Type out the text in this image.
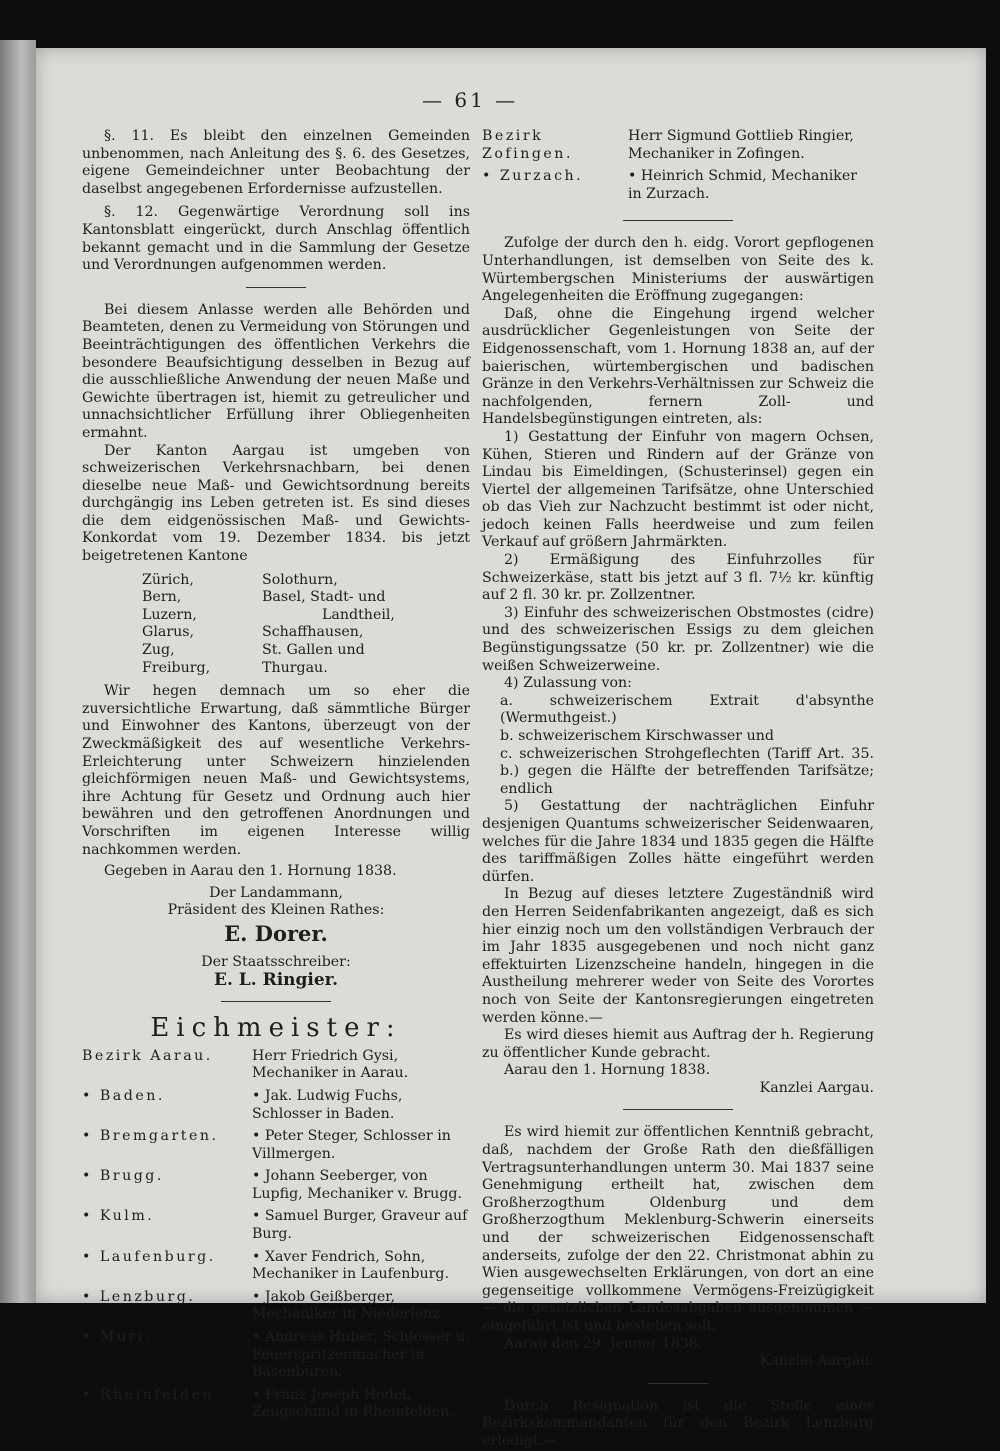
— 61 —

§. 11. Es bleibt den einzelnen Gemeinden unbenommen, nach Anleitung des §. 6. des Gesetzes, eigene Gemeindeichner unter Beobachtung der daselbst angegebenen Erfordernisse aufzustellen.

§. 12. Gegenwärtige Verordnung soll ins Kantonsblatt eingerückt, durch Anschlag öffentlich bekannt gemacht und in die Sammlung der Gesetze und Verordnungen aufgenommen werden.

Bei diesem Anlasse werden alle Behörden und Beamteten, denen zu Vermeidung von Störungen und Beeinträchtigungen des öffentlichen Verkehrs die besondere Beaufsichtigung desselben in Bezug auf die ausschließliche Anwendung der neuen Maße und Gewichte übertragen ist, hiemit zu getreulicher und unnachsichtlicher Erfüllung ihrer Obliegenheiten ermahnt.

Der Kanton Aargau ist umgeben von schweizerischen Verkehrsnachbarn, bei denen dieselbe neue Maß- und Gewichtsordnung bereits durchgängig ins Leben getreten ist. Es sind dieses die dem eidgenössischen Maß- und Gewichts-Konkordat vom 19. Dezember 1834. bis jetzt beigetretenen Kantone

Zürich,	Solothurn,
Bern,	Basel, Stadt- und
Luzern,	Landtheil,
Glarus,	Schaffhausen,
Zug,	St. Gallen und
Freiburg,	Thurgau.

Wir hegen demnach um so eher die zuversichtliche Erwartung, daß sämmtliche Bürger und Einwohner des Kantons, überzeugt von der Zweckmäßigkeit des auf wesentliche Verkehrs-Erleichterung unter Schweizern hinzielenden gleichförmigen neuen Maß- und Gewichtsystems, ihre Achtung für Gesetz und Ordnung auch hier bewähren und den getroffenen Anordnungen und Vorschriften im eigenen Interesse willig nachkommen werden.

Gegeben in Aarau den 1. Hornung 1838.

Der Landammann,

Präsident des Kleinen Rathes:

E. Dorer.

Der Staatsschreiber:

E. L. Ringier.

Eichmeister:
Bezirk Aarau.	Herr Friedrich Gysi, Mechaniker in Aarau.
• Baden.	• Jak. Ludwig Fuchs, Schlosser in Baden.
• Bremgarten.	• Peter Steger, Schlosser in Villmergen.
• Brugg.	• Johann Seeberger, von Lupfig, Mechaniker v. Brugg.
• Kulm.	• Samuel Burger, Graveur auf Burg.
• Laufenburg.	• Xaver Fendrich, Sohn, Mechaniker in Laufenburg.
• Lenzburg.	• Jakob Geißberger, Mechaniker in Niederlenz.
• Muri.	• Andreas Huber, Schlosser u. Feuerspritzenmacher in Bäsenbüren.
• Rheinfelden.	• Franz Joseph Hodel, Zeugschmid in Rheinfelden.
Bezirk Zofingen.	Herr Sigmund Gottlieb Ringier, Mechaniker in Zofingen.
• Zurzach.	• Heinrich Schmid, Mechaniker in Zurzach.

Zufolge der durch den h. eidg. Vorort gepflogenen Unterhandlungen, ist demselben von Seite des k. Würtembergschen Ministeriums der auswärtigen Angelegenheiten die Eröffnung zugegangen:

Daß, ohne die Eingehung irgend welcher ausdrücklicher Gegenleistungen von Seite der Eidgenossenschaft, vom 1. Hornung 1838 an, auf der baierischen, würtembergischen und badischen Gränze in den Verkehrs-Verhältnissen zur Schweiz die nachfolgenden, fernern Zoll- und Handelsbegünstigungen eintreten, als:

1) Gestattung der Einfuhr von magern Ochsen, Kühen, Stieren und Rindern auf der Gränze von Lindau bis Eimeldingen, (Schusterinsel) gegen ein Viertel der allgemeinen Tarifsätze, ohne Unterschied ob das Vieh zur Nachzucht bestimmt ist oder nicht, jedoch keinen Falls heerdweise und zum feilen Verkauf auf größern Jahrmärkten.

2) Ermäßigung des Einfuhrzolles für Schweizerkäse, statt bis jetzt auf 3 fl. 7½ kr. künftig auf 2 fl. 30 kr. pr. Zollzentner.

3) Einfuhr des schweizerischen Obstmostes (cidre) und des schweizerischen Essigs zu dem gleichen Begünstigungssatze (50 kr. pr. Zollzentner) wie die weißen Schweizerweine.

4) Zulassung von:

a. schweizerischem Extrait d'absynthe (Wermuthgeist.)

b. schweizerischem Kirschwasser und

c. schweizerischen Strohgeflechten (Tariff Art. 35. b.) gegen die Hälfte der betreffenden Tarifsätze; endlich

5) Gestattung der nachträglichen Einfuhr desjenigen Quantums schweizerischer Seidenwaaren, welches für die Jahre 1834 und 1835 gegen die Hälfte des tariffmäßigen Zolles hätte eingeführt werden dürfen.

In Bezug auf dieses letztere Zugeständniß wird den Herren Seidenfabrikanten angezeigt, daß es sich hier einzig noch um den vollständigen Verbrauch der im Jahr 1835 ausgegebenen und noch nicht ganz effektuirten Lizenzscheine handeln, hingegen in die Austheilung mehrerer weder von Seite des Vorortes noch von Seite der Kantonsregierungen eingetreten werden könne.—

Es wird dieses hiemit aus Auftrag der h. Regierung zu öffentlicher Kunde gebracht.

Aarau den 1. Hornung 1838.

Kanzlei Aargau.

Es wird hiemit zur öffentlichen Kenntniß gebracht, daß, nachdem der Große Rath den dießfälligen Vertragsunterhandlungen unterm 30. Mai 1837 seine Genehmigung ertheilt hat, zwischen dem Großherzogthum Oldenburg und dem Großherzogthum Meklenburg-Schwerin einerseits und der schweizerischen Eidgenossenschaft anderseits, zufolge der den 22. Christmonat abhin zu Wien ausgewechselten Erklärungen, von dort an eine gegenseitige vollkommene Vermögens-Freizügigkeit — die gesetzlichen Landesabgaben ausgenommen — eingeführt ist und bestehen soll.

Aarau den 29. Jenner 1838.

Kanzlei Aargau.

Durch Resignation ist die Stelle eines Bezirkskommandanten für den Bezirk Lenzburg erledigt.—
